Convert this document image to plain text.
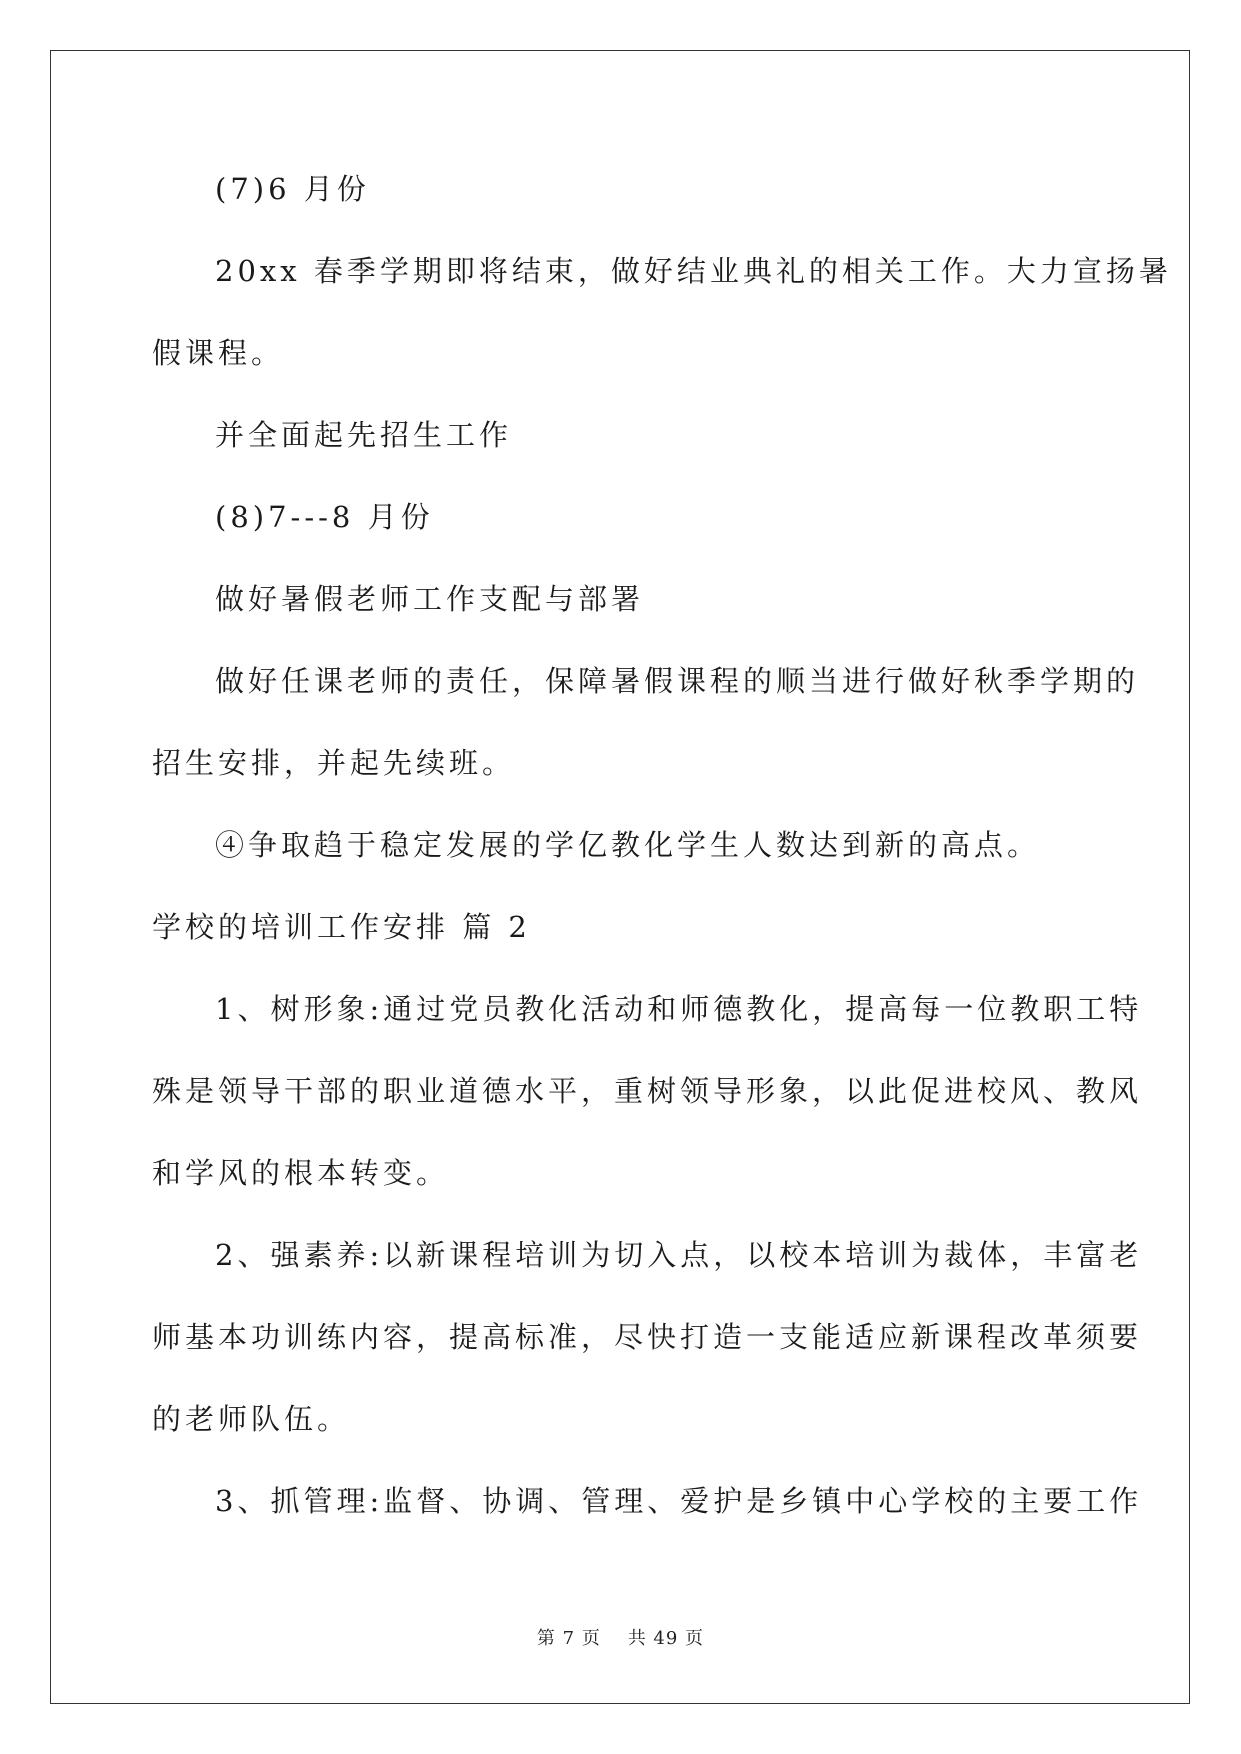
(7)6 月份
20xx 春季学期即将结束，做好结业典礼的相关工作。大力宣扬暑
假课程。
并全面起先招生工作
(8)7---8 月份
做好暑假老师工作支配与部署
做好任课老师的责任，保障暑假课程的顺当进行做好秋季学期的
招生安排，并起先续班。
④争取趋于稳定发展的学亿教化学生人数达到新的高点。
学校的培训工作安排 篇 2
1、树形象:通过党员教化活动和师德教化，提高每一位教职工特
殊是领导干部的职业道德水平，重树领导形象，以此促进校风、教风
和学风的根本转变。
2、强素养:以新课程培训为切入点，以校本培训为裁体，丰富老
师基本功训练内容，提高标准，尽快打造一支能适应新课程改革须要
的老师队伍。
3、抓管理:监督、协调、管理、爱护是乡镇中心学校的主要工作
第 7 页    共 49 页
